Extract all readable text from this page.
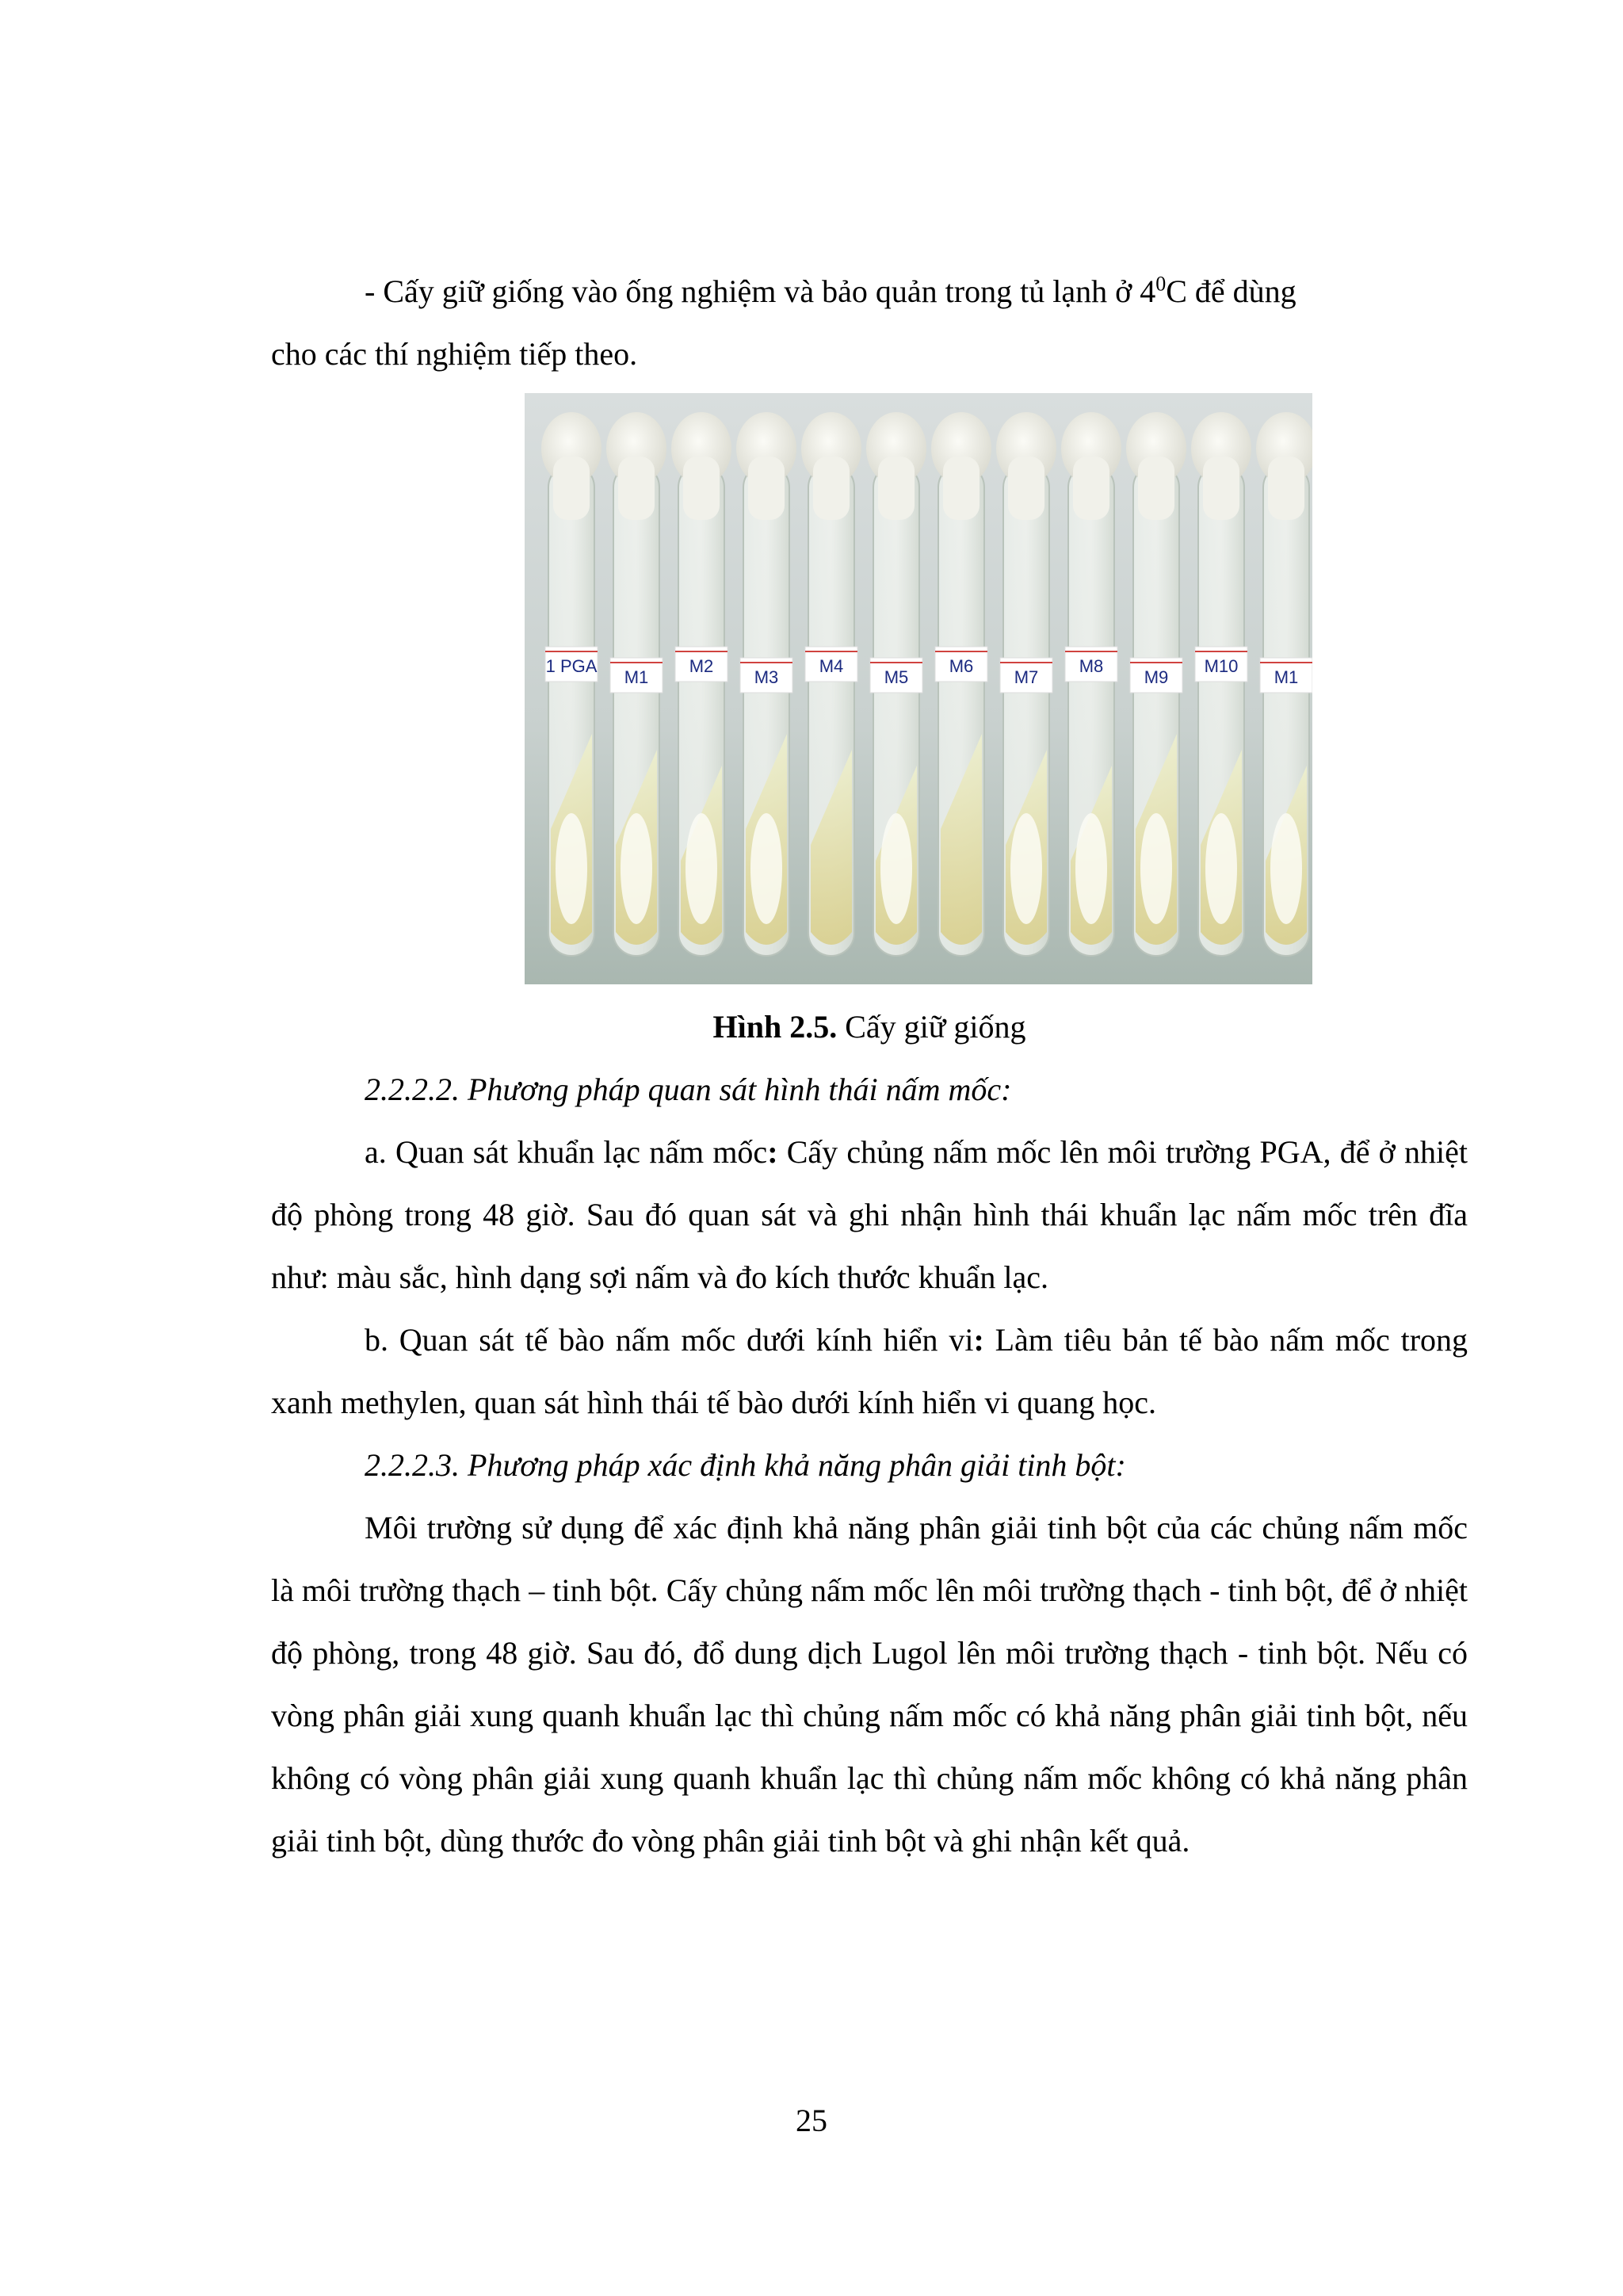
- Cấy giữ giống vào ống nghiệm và bảo quản trong tủ lạnh ở $4^0C$ để dùng
cho các thí nghiệm tiếp theo.
1 PGA
M1
M2
M3
M4
M5
M6
M7
M8
M9
M10
M1
Hình 2.5. Cấy giữ giống
2.2.2.2. Phương pháp quan sát hình thái nấm mốc:
a. Quan sát khuẩn lạc nấm mốc: Cấy chủng nấm mốc lên môi trường PGA, để ở nhiệt độ phòng trong 48 giờ. Sau đó quan sát và ghi nhận hình thái khuẩn lạc nấm mốc trên đĩa như: màu sắc, hình dạng sợi nấm và đo kích thước khuẩn lạc.
b. Quan sát tế bào nấm mốc dưới kính hiển vi: Làm tiêu bản tế bào nấm mốc trong xanh methylen, quan sát hình thái tế bào dưới kính hiển vi quang học.
2.2.2.3. Phương pháp xác định khả năng phân giải tinh bột:
Môi trường sử dụng để xác định khả năng phân giải tinh bột của các chủng nấm mốc là môi trường thạch – tinh bột. Cấy chủng nấm mốc lên môi trường thạch - tinh bột, để ở nhiệt độ phòng, trong 48 giờ. Sau đó, đổ dung dịch Lugol lên môi trường thạch - tinh bột. Nếu có vòng phân giải xung quanh khuẩn lạc thì chủng nấm mốc có khả năng phân giải tinh bột, nếu không có vòng phân giải xung quanh khuẩn lạc thì chủng nấm mốc không có khả năng phân giải tinh bột, dùng thước đo vòng phân giải tinh bột và ghi nhận kết quả.
25
